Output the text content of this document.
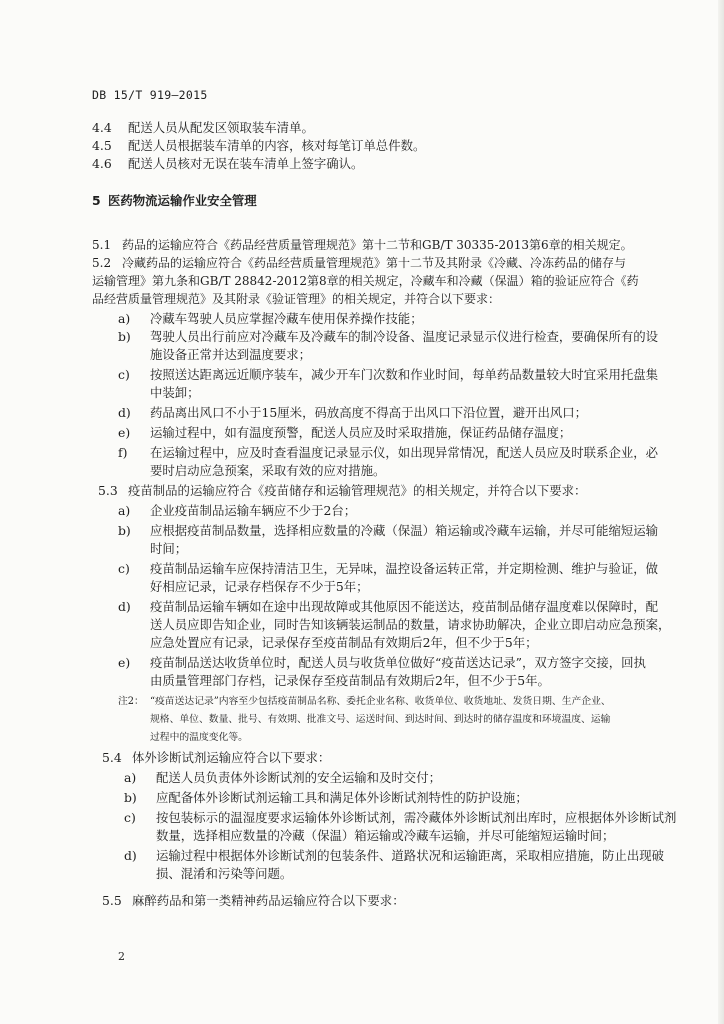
DB 15/T 919—2015
4.4 配送人员从配发区领取装车清单。
4.5 配送人员根据装车清单的内容，核对每笔订单总件数。
4.6 配送人员核对无误在装车清单上签字确认。
5 医药物流运输作业安全管理
5.1 药品的运输应符合《药品经营质量管理规范》第十二节和GB/T 30335-2013第6章的相关规定。
5.2 冷藏药品的运输应符合《药品经营质量管理规范》第十二节及其附录《冷藏、冷冻药品的储存与
运输管理》第九条和GB/T 28842-2012第8章的相关规定，冷藏车和冷藏（保温）箱的验证应符合《药
品经营质量管理规范》及其附录《验证管理》的相关规定，并符合以下要求：
a) 冷藏车驾驶人员应掌握冷藏车使用保养操作技能；
b) 驾驶人员出行前应对冷藏车及冷藏车的制冷设备、温度记录显示仪进行检查，要确保所有的设
施设备正常并达到温度要求；
c) 按照送达距离远近顺序装车，减少开车门次数和作业时间，每单药品数量较大时宜采用托盘集
中装卸；
d) 药品离出风口不小于15厘米，码放高度不得高于出风口下沿位置，避开出风口；
e) 运输过程中，如有温度预警，配送人员应及时采取措施，保证药品储存温度；
f) 在运输过程中，应及时查看温度记录显示仪，如出现异常情况，配送人员应及时联系企业，必
要时启动应急预案，采取有效的应对措施。
5.3 疫苗制品的运输应符合《疫苗储存和运输管理规范》的相关规定，并符合以下要求：
a) 企业疫苗制品运输车辆应不少于2台；
b) 应根据疫苗制品数量，选择相应数量的冷藏（保温）箱运输或冷藏车运输，并尽可能缩短运输
时间；
c) 疫苗制品运输车应保持清洁卫生，无异味，温控设备运转正常，并定期检测、维护与验证，做
好相应记录，记录存档保存不少于5年；
d) 疫苗制品运输车辆如在途中出现故障或其他原因不能送达，疫苗制品储存温度难以保障时，配
送人员应即告知企业，同时告知该辆装运制品的数量，请求协助解决，企业立即启动应急预案，
应急处置应有记录，记录保存至疫苗制品有效期后2年，但不少于5年；
e) 疫苗制品送达收货单位时，配送人员与收货单位做好“疫苗送达记录”，双方签字交接，回执
由质量管理部门存档，记录保存至疫苗制品有效期后2年，但不少于5年。
注2： “疫苗送达记录”内容至少包括疫苗制品名称、委托企业名称、收货单位、收货地址、发货日期、生产企业、
规格、单位、数量、批号、有效期、批准文号、运送时间、到达时间、到达时的储存温度和环境温度、运输
过程中的温度变化等。
5.4 体外诊断试剂运输应符合以下要求：
a) 配送人员负责体外诊断试剂的安全运输和及时交付；
b) 应配备体外诊断试剂运输工具和满足体外诊断试剂特性的防护设施；
c) 按包装标示的温湿度要求运输体外诊断试剂，需冷藏体外诊断试剂出库时，应根据体外诊断试剂
数量，选择相应数量的冷藏（保温）箱运输或冷藏车运输，并尽可能缩短运输时间；
d) 运输过程中根据体外诊断试剂的包装条件、道路状况和运输距离，采取相应措施，防止出现破
损、混淆和污染等问题。
5.5 麻醉药品和第一类精神药品运输应符合以下要求：
2
